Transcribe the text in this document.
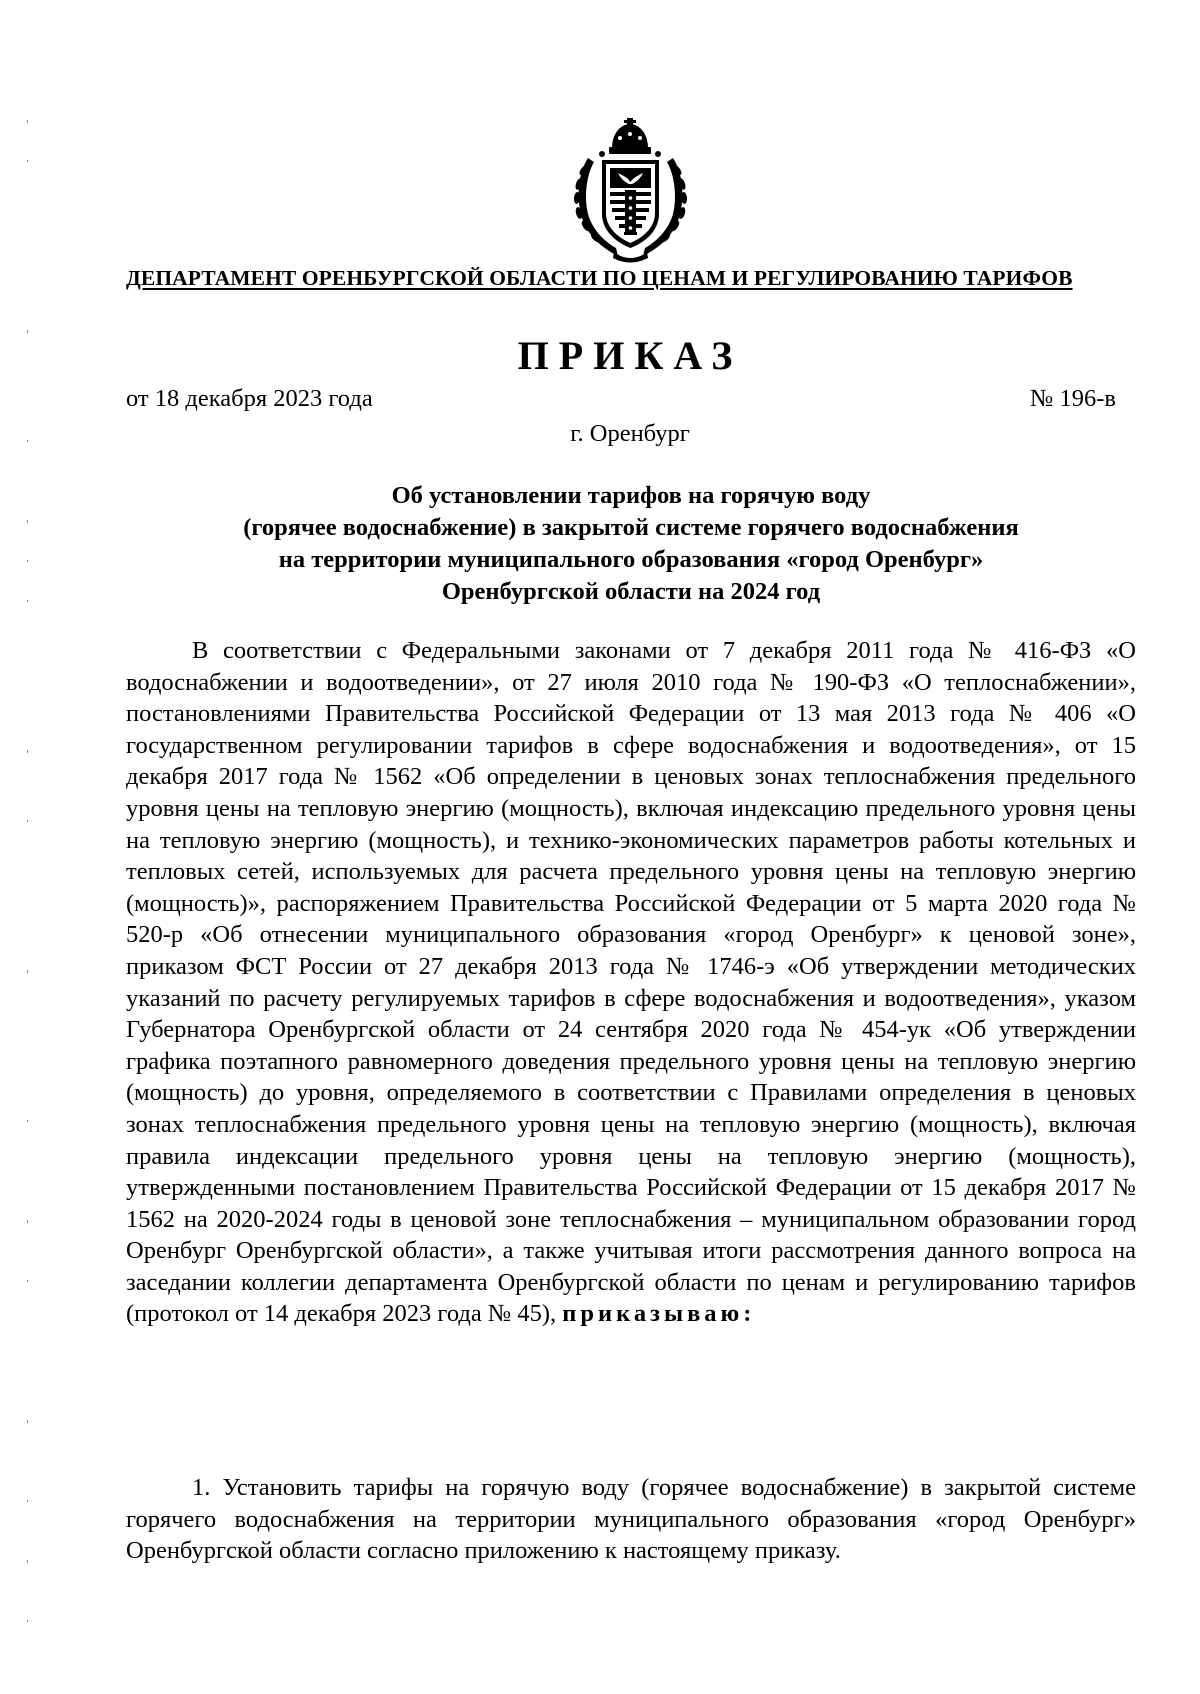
ДЕПАРТАМЕНТ ОРЕНБУРГСКОЙ ОБЛАСТИ ПО ЦЕНАМ И РЕГУЛИРОВАНИЮ ТАРИФОВ
ПРИКАЗ
от 18 декабря 2023 года	№ 196-в
г. Оренбург
Об установлении тарифов на горячую воду
(горячее водоснабжение) в закрытой системе горячего водоснабжения
на территории муниципального образования «город Оренбург»
Оренбургской области на 2024 год
В соответствии с Федеральными законами от 7 декабря 2011 года № 416-ФЗ «О водоснабжении и водоотведении», от 27 июля 2010 года № 190-ФЗ «О теплоснабжении», постановлениями Правительства Российской Федерации от 13 мая 2013 года № 406 «О государственном регулировании тарифов в сфере водоснабжения и водоотведения», от 15 декабря 2017 года № 1562 «Об определении в ценовых зонах теплоснабжения предельного уровня цены на тепловую энергию (мощность), включая индексацию предельного уровня цены на тепловую энергию (мощность), и технико-экономических параметров работы котельных и тепловых сетей, используемых для расчета предельного уровня цены на тепловую энергию (мощность)», распоряжением Правительства Российской Федерации от 5 марта 2020 года № 520-р «Об отнесении муниципального образования «город Оренбург» к ценовой зоне», приказом ФСТ России от 27 декабря 2013 года № 1746-э «Об утверждении методических указаний по расчету регулируемых тарифов в сфере водоснабжения и водоотведения», указом Губернатора Оренбургской области от 24 сентября 2020 года № 454-ук «Об утверждении графика поэтапного равномерного доведения предельного уровня цены на тепловую энергию (мощность) до уровня, определяемого в соответствии с Правилами определения в ценовых зонах теплоснабжения предельного уровня цены на тепловую энергию (мощность), включая правила индексации предельного уровня цены на тепловую энергию (мощность), утвержденными постановлением Правительства Российской Федерации от 15 декабря 2017 № 1562 на 2020-2024 годы в ценовой зоне теплоснабжения – муниципальном образовании город Оренбург Оренбургской области», а также учитывая итоги рассмотрения данного вопроса на заседании коллегии департамента Оренбургской области по ценам и регулированию тарифов (протокол от 14 декабря 2023 года № 45), приказываю:
1. Установить тарифы на горячую воду (горячее водоснабжение) в закрытой системе горячего водоснабжения на территории муниципального образования «город Оренбург» Оренбургской области согласно приложению к настоящему приказу.
